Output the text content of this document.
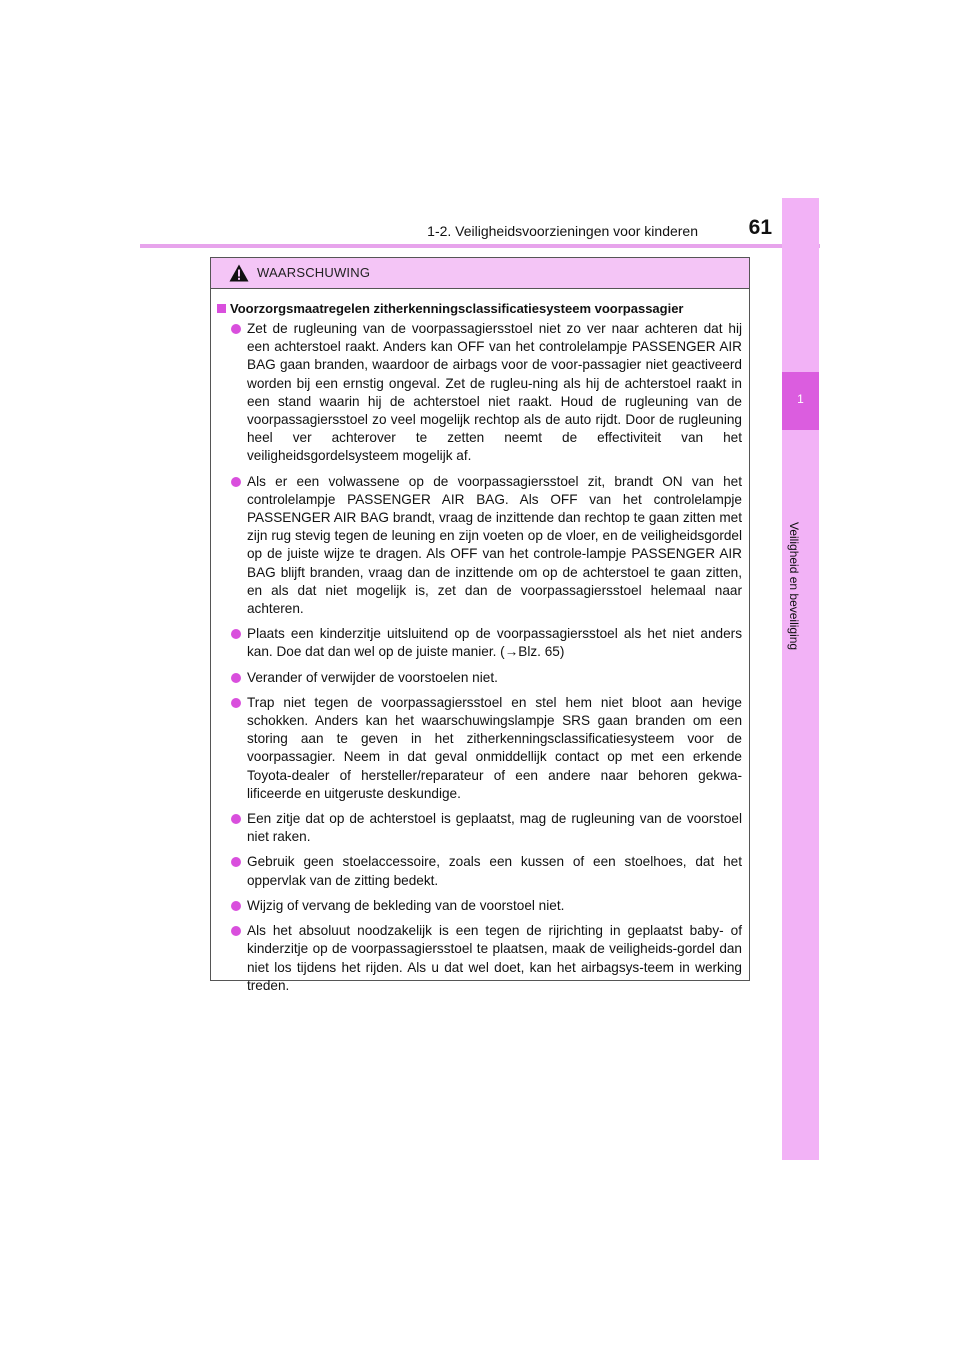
1-2. Veiligheidsvoorzieningen voor kinderen 61
1
Veiligheid en beveiliging
WAARSCHUWING
Voorzorgsmaatregelen zitherkenningsclassificatiesysteem voorpassagier
Zet de rugleuning van de voorpassagiersstoel niet zo ver naar achteren dat hij een achterstoel raakt. Anders kan OFF van het controlelampje PASSENGER AIR BAG gaan branden, waardoor de airbags voor de voor-passagier niet geactiveerd worden bij een ernstig ongeval. Zet de rugleu-ning als hij de achterstoel raakt in een stand waarin hij de achterstoel niet raakt. Houd de rugleuning van de voorpassagiersstoel zo veel mogelijk rechtop als de auto rijdt. Door de rugleuning heel ver achterover te zetten neemt de effectiviteit van het veiligheidsgordelsysteem mogelijk af.
Als er een volwassene op de voorpassagiersstoel zit, brandt ON van het controlelampje PASSENGER AIR BAG. Als OFF van het controlelampje PASSENGER AIR BAG brandt, vraag de inzittende dan rechtop te gaan zitten met zijn rug stevig tegen de leuning en zijn voeten op de vloer, en de veiligheidsgordel op de juiste wijze te dragen. Als OFF van het controle-lampje PASSENGER AIR BAG blijft branden, vraag dan de inzittende om op de achterstoel te gaan zitten, en als dat niet mogelijk is, zet dan de voorpassagiersstoel helemaal naar achteren.
Plaats een kinderzitje uitsluitend op de voorpassagiersstoel als het niet anders kan. Doe dat dan wel op de juiste manier. (→Blz. 65)
Verander of verwijder de voorstoelen niet.
Trap niet tegen de voorpassagiersstoel en stel hem niet bloot aan hevige schokken. Anders kan het waarschuwingslampje SRS gaan branden om een storing aan te geven in het zitherkenningsclassificatiesysteem voor de voorpassagier. Neem in dat geval onmiddellijk contact op met een erkende Toyota-dealer of hersteller/reparateur of een andere naar behoren gekwa-lificeerde en uitgeruste deskundige.
Een zitje dat op de achterstoel is geplaatst, mag de rugleuning van de voorstoel niet raken.
Gebruik geen stoelaccessoire, zoals een kussen of een stoelhoes, dat het oppervlak van de zitting bedekt.
Wijzig of vervang de bekleding van de voorstoel niet.
Als het absoluut noodzakelijk is een tegen de rijrichting in geplaatst baby- of kinderzitje op de voorpassagiersstoel te plaatsen, maak de veiligheids-gordel dan niet los tijdens het rijden. Als u dat wel doet, kan het airbagsys-teem in werking treden.
